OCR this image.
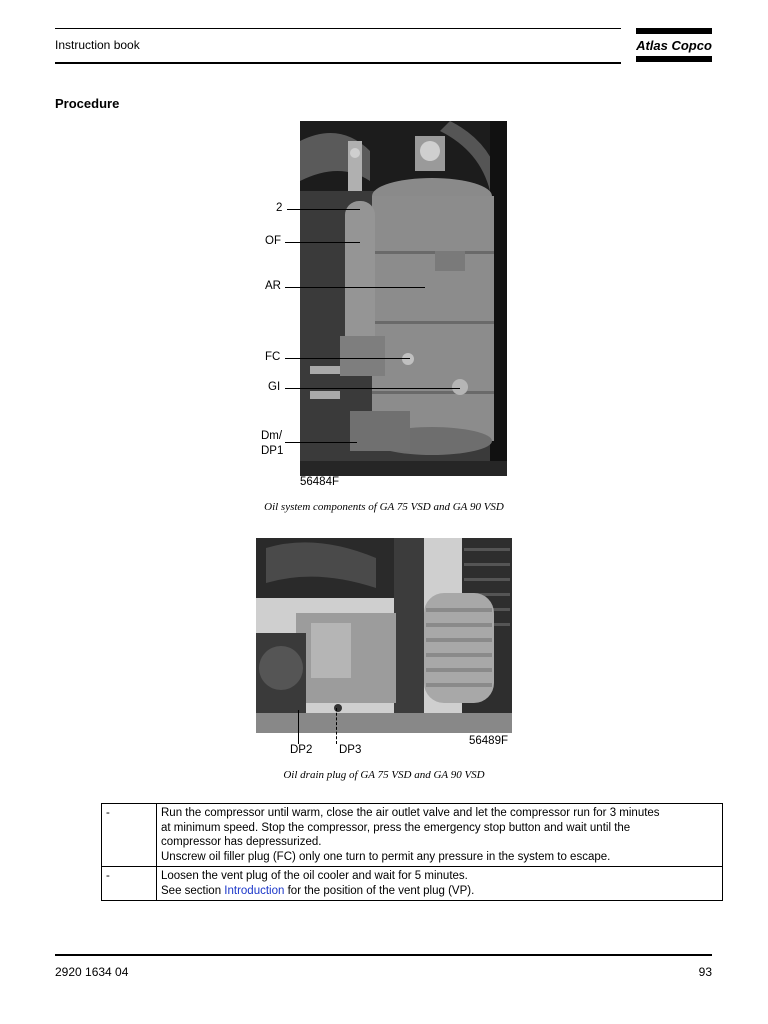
Instruction book	Atlas Copco
Procedure
2
OF
AR
FC
GI
Dm/
DP1
56484F
Oil system components of GA 75 VSD and GA 90 VSD
DP2 DP3
56489F
Oil drain plug of GA 75 VSD and GA 90 VSD
-	Run the compressor until warm, close the air outlet valve and let the compressor run for 3 minutes
at minimum speed. Stop the compressor, press the emergency stop button and wait until the
compressor has depressurized.
Unscrew oil filler plug (FC) only one turn to permit any pressure in the system to escape.

-	Loosen the vent plug of the oil cooler and wait for 5 minutes.
See section Introduction for the position of the vent plug (VP).
2920 1634 04	93
